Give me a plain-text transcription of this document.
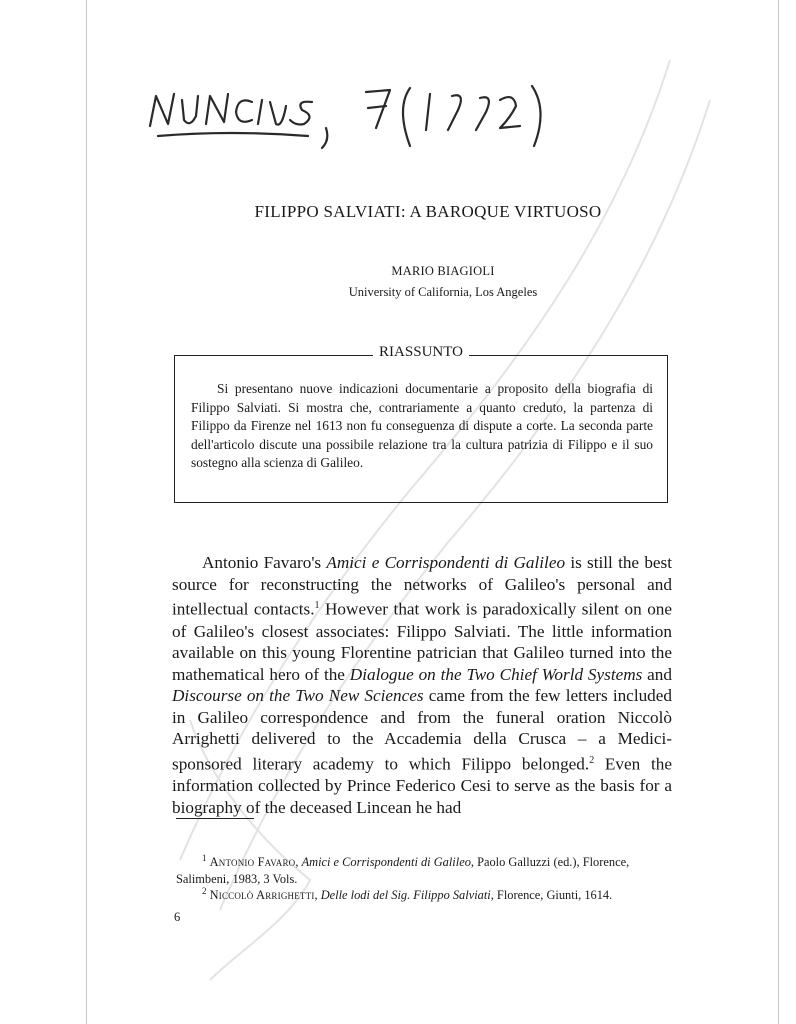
FILIPPO SALVIATI: A BAROQUE VIRTUOSO
MARIO BIAGIOLI
University of California, Los Angeles
RIASSUNTO
Si presentano nuove indicazioni documentarie a proposito della biografia di Filippo Salviati. Si mostra che, contrariamente a quanto creduto, la partenza di Filippo da Firenze nel 1613 non fu conseguenza di dispute a corte. La seconda parte dell'articolo discute una possibile relazione tra la cultura patrizia di Filippo e il suo sostegno alla scienza di Galileo.
Antonio Favaro's Amici e Corrispondenti di Galileo is still the best source for reconstructing the networks of Galileo's personal and intellectual contacts.$^1$ However that work is paradoxically silent on one of Galileo's closest associates: Filippo Salviati. The little information available on this young Florentine patrician that Galileo turned into the mathematical hero of the Dialogue on the Two Chief World Systems and Discourse on the Two New Sciences came from the few letters included in Galileo correspondence and from the funeral oration Niccolò Arrighetti delivered to the Accademia della Crusca – a Medici-sponsored literary academy to which Filippo belonged.$^2$ Even the information collected by Prince Federico Cesi to serve as the basis for a biography of the deceased Lincean he had
$^1$ Antonio Favaro, Amici e Corrispondenti di Galileo, Paolo Galluzzi (ed.), Florence, Salimbeni, 1983, 3 Vols.
$^2$ Niccolò Arrighetti, Delle lodi del Sig. Filippo Salviati, Florence, Giunti, 1614.
6
